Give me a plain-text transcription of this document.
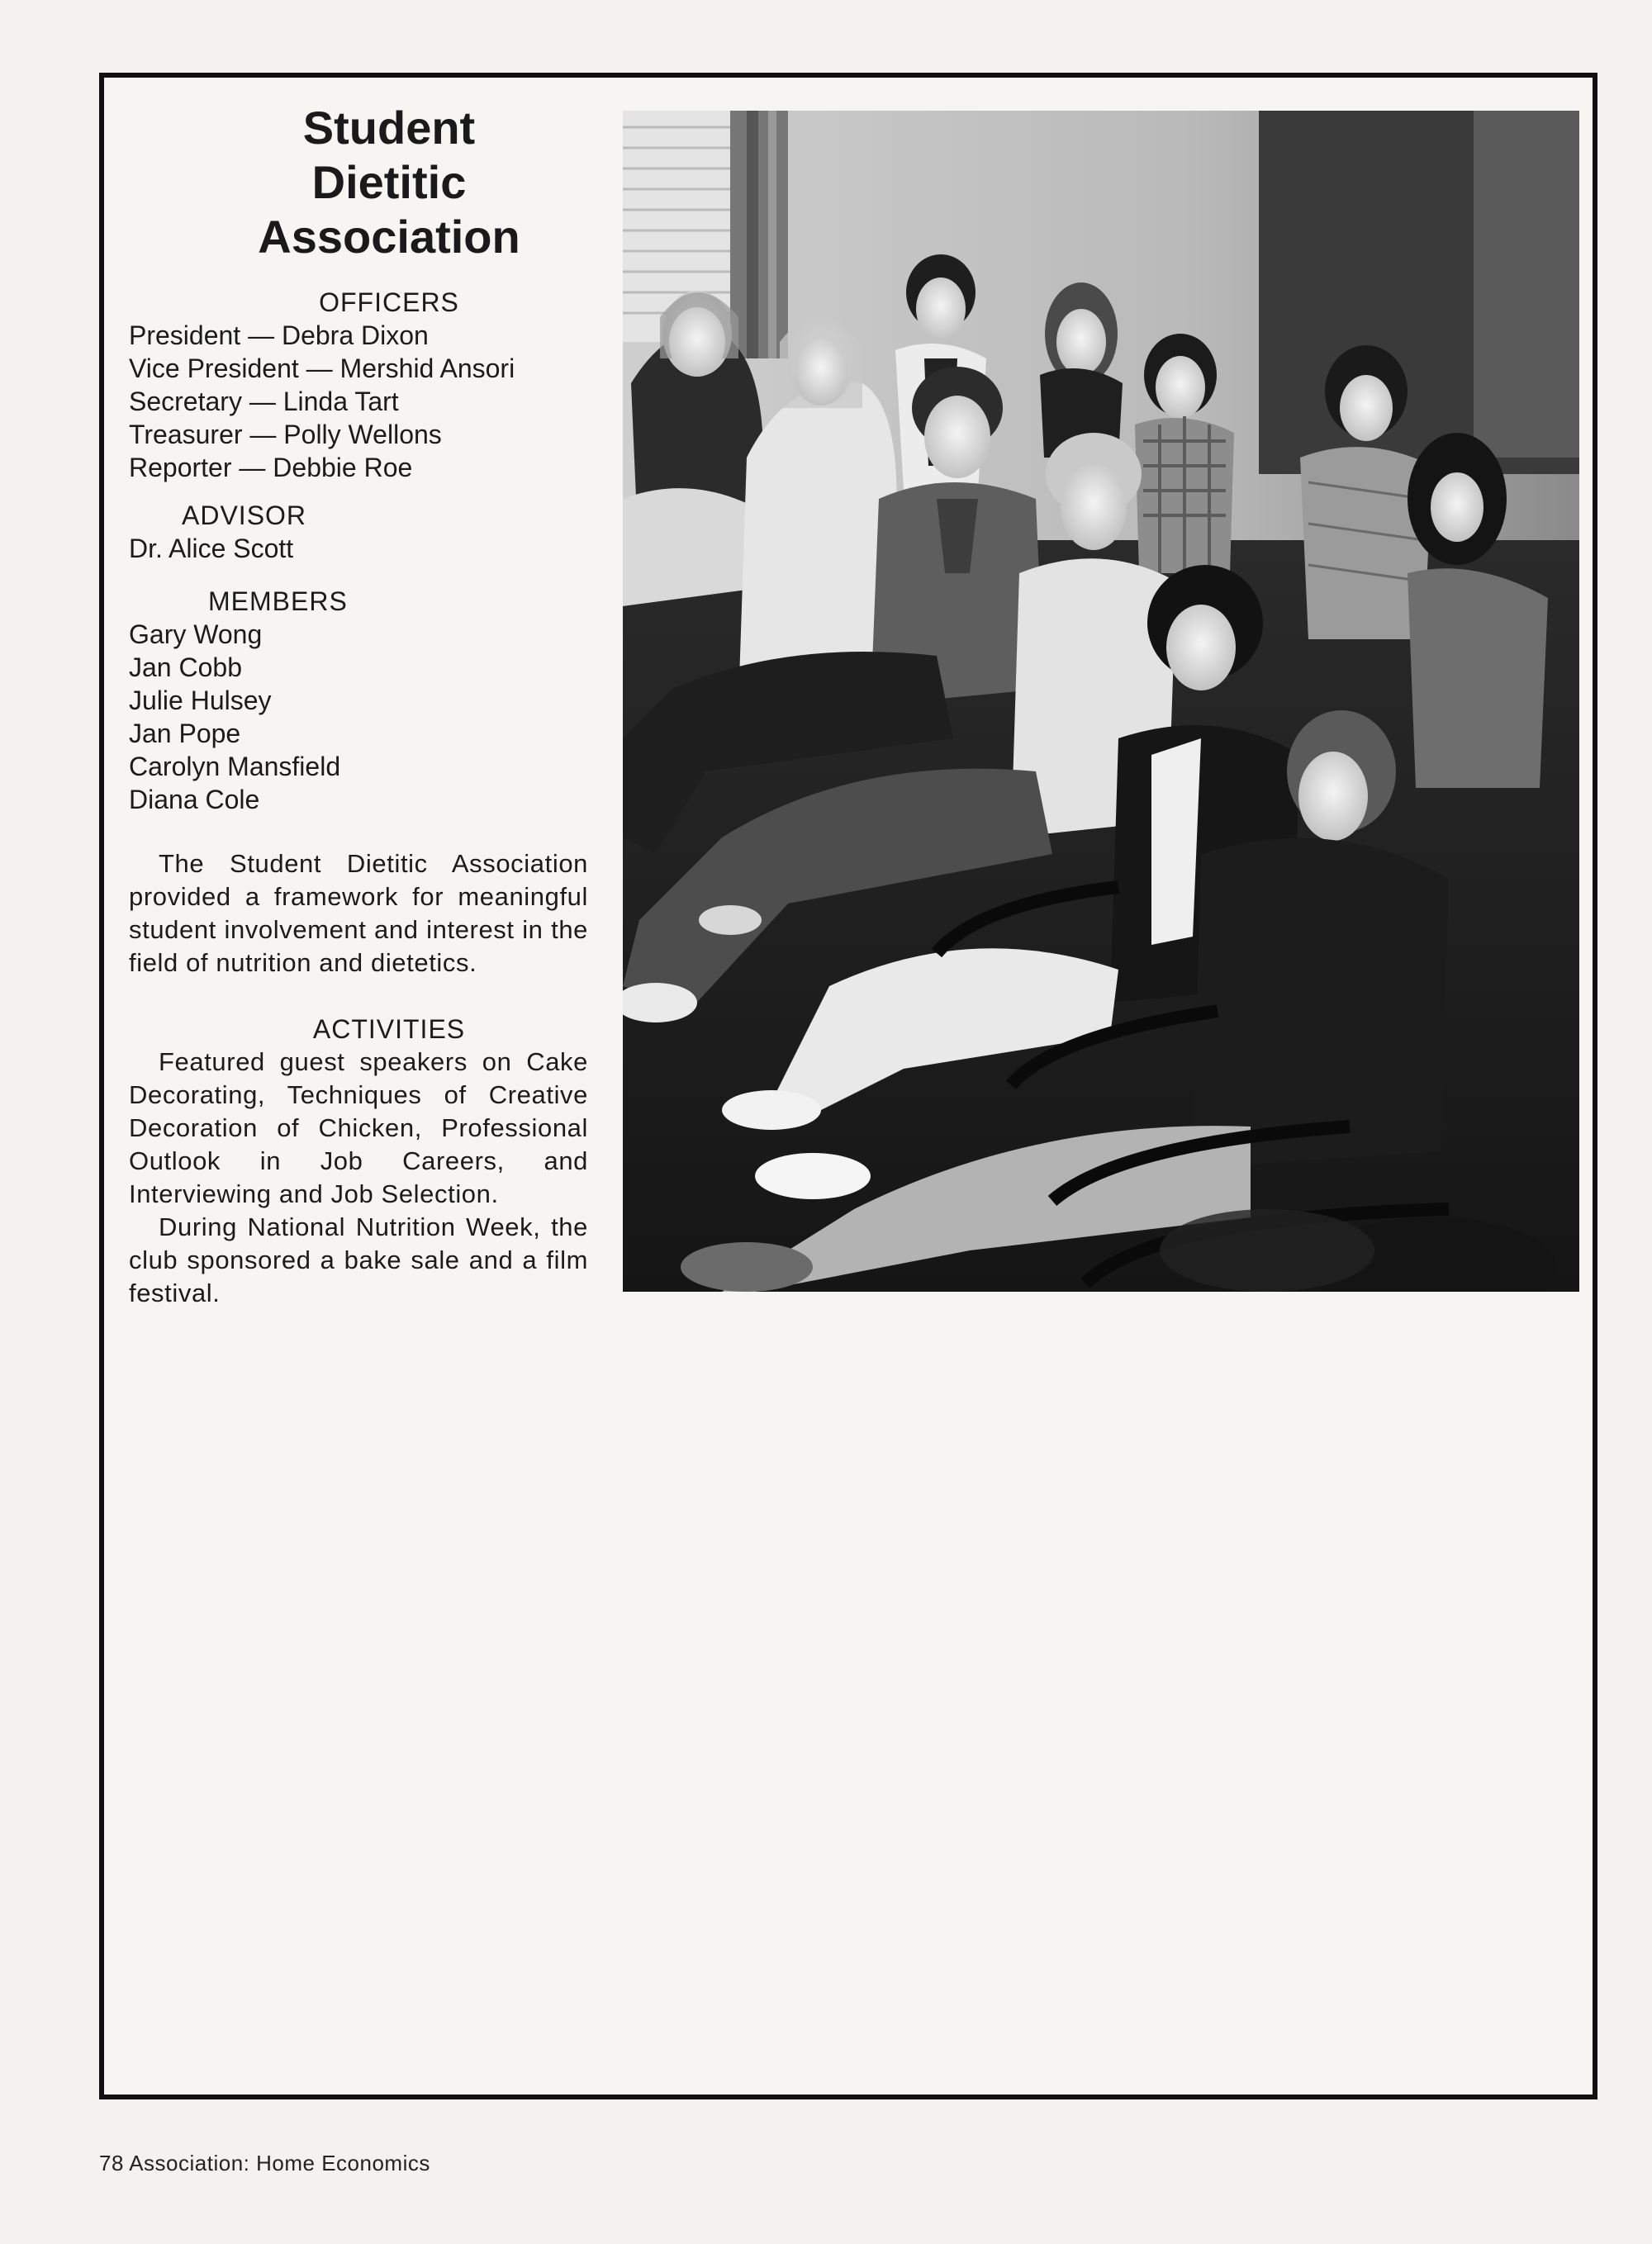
Student
Dietitic
Association
OFFICERS
President — Debra Dixon
Vice President — Mershid Ansori
Secretary — Linda Tart
Treasurer — Polly Wellons
Reporter — Debbie Roe
ADVISOR
Dr. Alice Scott
MEMBERS
Gary Wong
Jan Cobb
Julie Hulsey
Jan Pope
Carolyn Mansfield
Diana Cole
The Student Dietitic Association provided a framework for meaningful student involvement and interest in the field of nutrition and dietetics.
ACTIVITIES
Featured guest speakers on Cake Decorating, Techniques of Creative Decoration of Chicken, Professional Outlook in Job Careers, and Interviewing and Job Selection.
During National Nutrition Week, the club sponsored a bake sale and a film festival.
78 Association: Home Economics
